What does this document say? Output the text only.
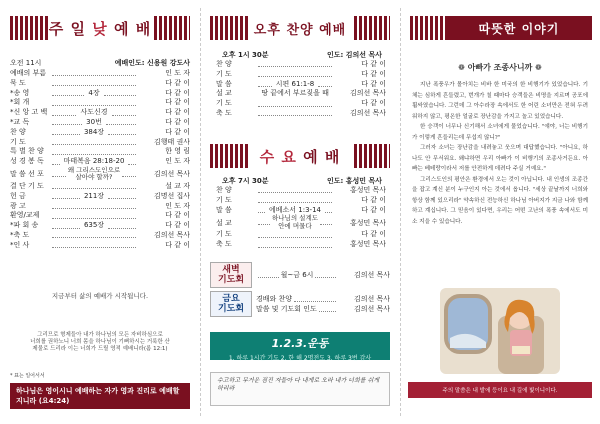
주 일 낮 예 배
오전 11시	예배인도: 신용원 강도사
예배의 부름	인 도 자
묵 도	다 같 이
*송 영	4장	다 같 이
*회 개	다 같 이
*신 앙 고 백	사도신경	다 같 이
*교 독	30번	다 같 이
찬 양	384장	다 같 이
기 도	김행태 권사
특 별 찬 양	한 영 림
성 경 봉 독	마태복음 28:18-20	인 도 자
말 씀 선 포
왜 그리스도인으로
살아야 할까?	김의선 목사
결 단 기 도	설 교 자
헌 금	211장	김명선 집사
광 고	인 도 자
환영/교제	다 같 이
*파 회 송	635장	다 같 이
*축 도	김의선 목사
*인 사	다 같 이
지금부터 삶의 예배가 시작됩니다.
그리므로 형제들아 내가 하나님의 모든 자비하심으로
너희를 권하노니 너희 몸을 하나님이 기뻐하시는 거룩한 산
제물로 드리라 이는 너희가 드릴 영적 예배니라(롬 12:1)
* 표는 일어서서
하나님은 영이시니 예배하는 자가 영과 진리로 예배할지니라 (요4:24)
오후 찬양 예배
오후 1시 30분	인도: 김의선 목사
찬 양	다 같 이
기 도	다 같 이
말 씀	시편 61:1-8	다 같 이
설 교	땅 끝에서 부르짖을 때	김의선 목사
기 도	다 같 이
축 도	김의선 목사
수 요 예 배
오후 7시 30분	인도: 홍성민 목사
찬 양	홍성민 목사
기 도	다 같 이
말 씀	에베소서 1:3-14	다 같 이
설 교
하나님의 설계도
안에 머물다	홍성민 목사
기 도	다 같 이
축 도	홍성민 목사
새벽
기도회	월~금 6시	김의선 목사
금요
기도회
경배와 찬양	김의선 목사
말씀 및 기도회 인도	김의선 목사
1.2.3.운동
1. 하루 1시간 기도 2. 한 해 2명전도 3. 하루 3번 감사
수고하고 무거운 짐진 자들아 다 내게로 오라 내가 너희를 쉬게 하리라
따뜻한 이야기
❁ 아빠가 조종사니까 ❁

지난 폭풍우가 몰아치는 비바 한 미국의 한 비행기가 있었습니다. 기체는 심하게 흔들렸고, 번개가 칠 때마다 승객들은 비명을 지르며 공포에 휩싸였습니다. 그런데 그 아수라장 속에서도 한 어린 소녀만은 전혀 두려워하지 않고, 평온한 얼굴로 장난감을 가지고 놀고 있었습니다.

한 승객이 너무나 신기해서 소녀에게 물었습니다. "얘야, 너는 비행기가 이렇게 흔들리는데 무섭지 않니?"

그러자 소녀는 장난감을 내려놓고 웃으며 대답했습니다. "아니요, 하나도 안 무서워요. 왜냐하면 우리 아빠가 이 비행기의 조종사거든요. 아빠는 베테랑이라서 저를 안전하게 데려다 주실 거예요."

그리스도인의 평안은 환경에서 오는 것이 아닙니다. 내 인생의 조종간을 잡고 계신 분이 누구인지 아는 것에서 옵니다. "세상 끝날까지 너희와 항상 함께 있으리라" 약속하신 전능하신 하나님 아버지가 지금 나와 함께하고 계십니다. 그 믿음이 있다면, 우리는 어떤 고난의 폭풍 속에서도 미소 지을 수 있습니다.

주의 말씀은 내 발에 등이요 내 길에 빛이니이다.
